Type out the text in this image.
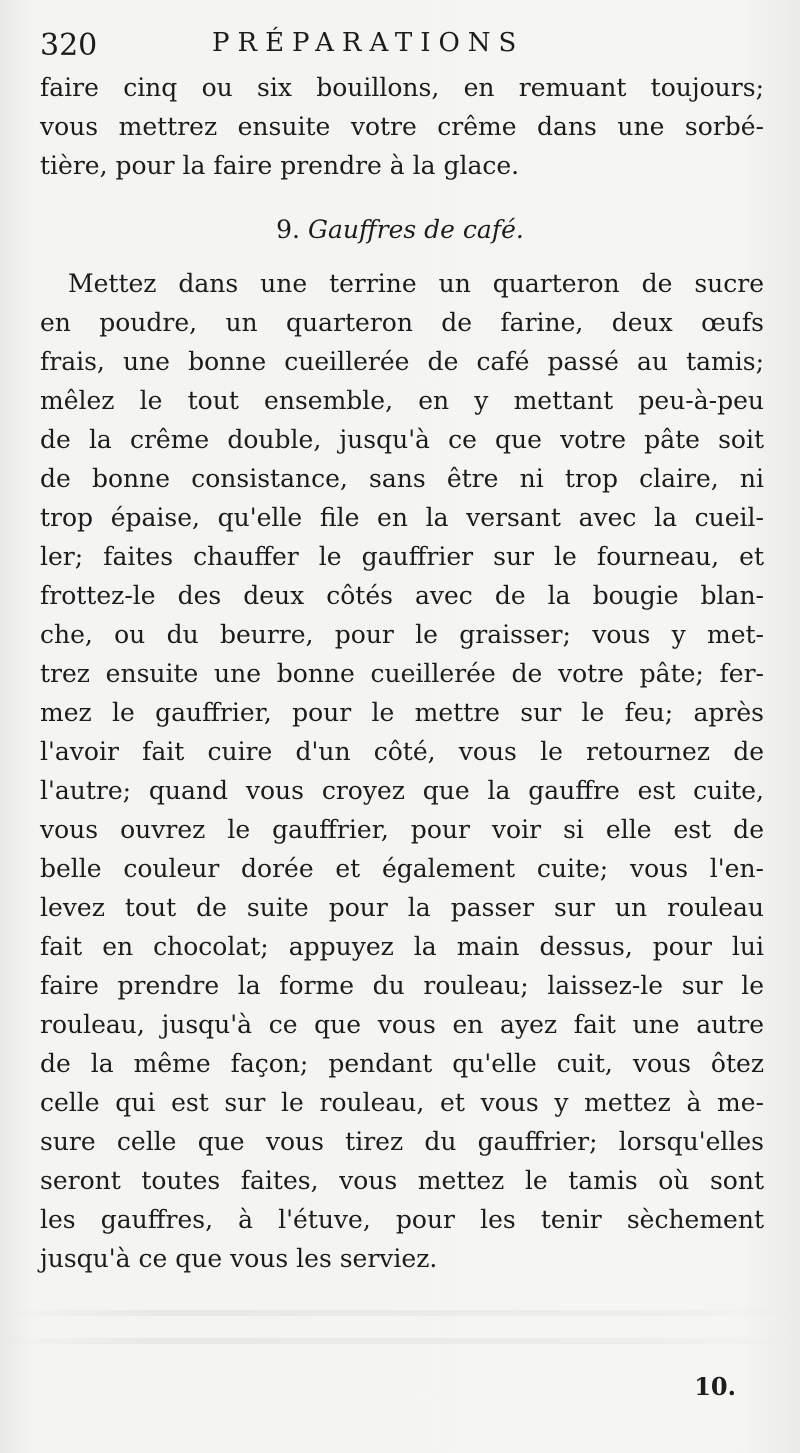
320	PRÉPARATIONS
faire cinq ou six bouillons, en remuant toujours;
vous mettrez ensuite votre crême dans une sorbé-
tière, pour la faire prendre à la glace.
9. Gauffres de café.
Mettez dans une terrine un quarteron de sucre
en poudre, un quarteron de farine, deux œufs
frais, une bonne cueillerée de café passé au tamis;
mêlez le tout ensemble, en y mettant peu-à-peu
de la crême double, jusqu'à ce que votre pâte soit
de bonne consistance, sans être ni trop claire, ni
trop épaise, qu'elle file en la versant avec la cueil-
ler; faites chauffer le gauffrier sur le fourneau, et
frottez-le des deux côtés avec de la bougie blan-
che, ou du beurre, pour le graisser; vous y met-
trez ensuite une bonne cueillerée de votre pâte; fer-
mez le gauffrier, pour le mettre sur le feu; après
l'avoir fait cuire d'un côté, vous le retournez de
l'autre; quand vous croyez que la gauffre est cuite,
vous ouvrez le gauffrier, pour voir si elle est de
belle couleur dorée et également cuite; vous l'en-
levez tout de suite pour la passer sur un rouleau
fait en chocolat; appuyez la main dessus, pour lui
faire prendre la forme du rouleau; laissez-le sur le
rouleau, jusqu'à ce que vous en ayez fait une autre
de la même façon; pendant qu'elle cuit, vous ôtez
celle qui est sur le rouleau, et vous y mettez à me-
sure celle que vous tirez du gauffrier; lorsqu'elles
seront toutes faites, vous mettez le tamis où sont
les gauffres, à l'étuve, pour les tenir sèchement
jusqu'à ce que vous les serviez.
10.
